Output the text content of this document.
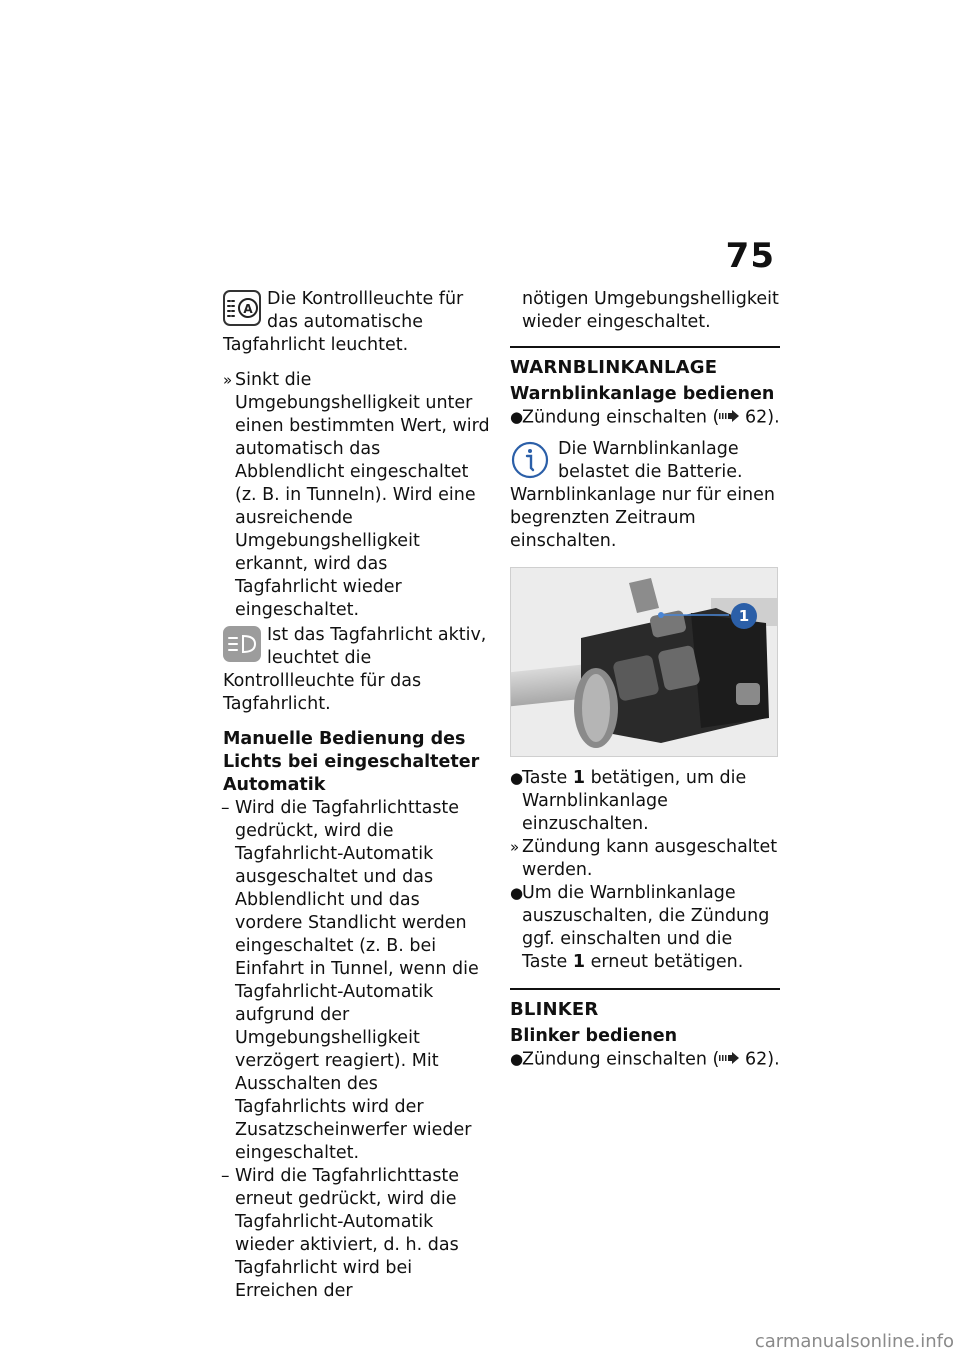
75
A Die Kontrollleuchte für das automatische Tagfahrlicht leuchtet.

» Sinkt die Umgebungshelligkeit unter einen bestimmten Wert, wird automatisch das Abblendlicht eingeschaltet (z. B. in Tunneln). Wird eine ausreichende Umgebungshelligkeit erkannt, wird das Tagfahrlicht wieder eingeschaltet.

Ist das Tagfahrlicht aktiv, leuchtet die Kontrollleuchte für das Tagfahrlicht.

Manuelle Bedienung des Lichts bei eingeschalteter Automatik

– Wird die Tagfahrlichttaste gedrückt, wird die Tagfahrlicht-Automatik ausgeschaltet und das Abblendlicht und das vordere Standlicht werden eingeschaltet (z. B. bei Einfahrt in Tunnel, wenn die Tagfahrlicht-Automatik aufgrund der Umgebungshelligkeit verzögert reagiert). Mit Ausschalten des Tagfahrlichts wird der Zusatzscheinwerfer wieder eingeschaltet.

– Wird die Tagfahrlichttaste erneut gedrückt, wird die Tagfahrlicht-Automatik wieder aktiviert, d. h. das Tagfahrlicht wird bei Erreichen der

nötigen Umgebungshelligkeit wieder eingeschaltet.

WARNBLINKANLAGE

Warnblinkanlage bedienen

●

Zündung einschalten ( 62).

Die Warnblinkanlage belastet die Batterie. Warnblinkanlage nur für einen begrenzten Zeitraum einschalten.

1
●

Taste 1 betätigen, um die Warnblinkanlage einzuschalten.

» Zündung kann ausgeschaltet werden.

●

Um die Warnblinkanlage auszuschalten, die Zündung ggf. einschalten und die Taste 1 erneut betätigen.

BLINKER

Blinker bedienen

●

Zündung einschalten ( 62).

carmanualsonline.info
